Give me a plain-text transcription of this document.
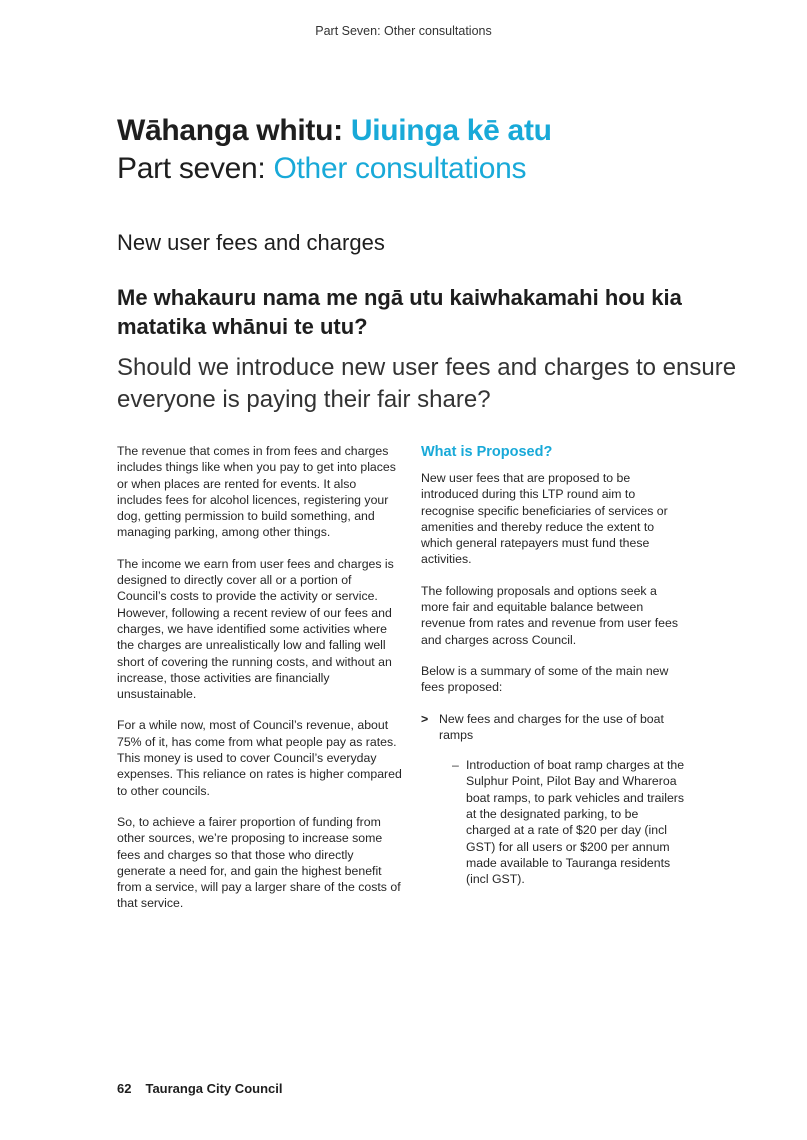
Part Seven: Other consultations
Wāhanga whitu: Uiuinga kē atu
Part seven: Other consultations
New user fees and charges
Me whakauru nama me ngā utu kaiwhakamahi hou kia matatika whānui te utu?
Should we introduce new user fees and charges to ensure everyone is paying their fair share?

The revenue that comes in from fees and charges includes things like when you pay to get into places or when places are rented for events. It also includes fees for alcohol licences, registering your dog, getting permission to build something, and managing parking, among other things.

The income we earn from user fees and charges is designed to directly cover all or a portion of Council’s costs to provide the activity or service. However, following a recent review of our fees and charges, we have identified some activities where the charges are unrealistically low and falling well short of covering the running costs, and without an increase, those activities are financially unsustainable.

For a while now, most of Council’s revenue, about 75% of it, has come from what people pay as rates. This money is used to cover Council’s everyday expenses. This reliance on rates is higher compared to other councils.

So, to achieve a fairer proportion of funding from other sources, we’re proposing to increase some fees and charges so that those who directly generate a need for, and gain the highest benefit from a service, will pay a larger share of the costs of that service.

What is Proposed?

New user fees that are proposed to be introduced during this LTP round aim to recognise specific beneficiaries of services or amenities and thereby reduce the extent to which general ratepayers must fund these activities.

The following proposals and options seek a more fair and equitable balance between revenue from rates and revenue from user fees and charges across Council.

Below is a summary of some of the main new fees proposed:

> New fees and charges for the use of boat ramps
– Introduction of boat ramp charges at the Sulphur Point, Pilot Bay and Whareroa boat ramps, to park vehicles and trailers at the designated parking, to be charged at a rate of $20 per day (incl GST) for all users or $200 per annum made available to Tauranga residents (incl GST).
62 Tauranga City Council
